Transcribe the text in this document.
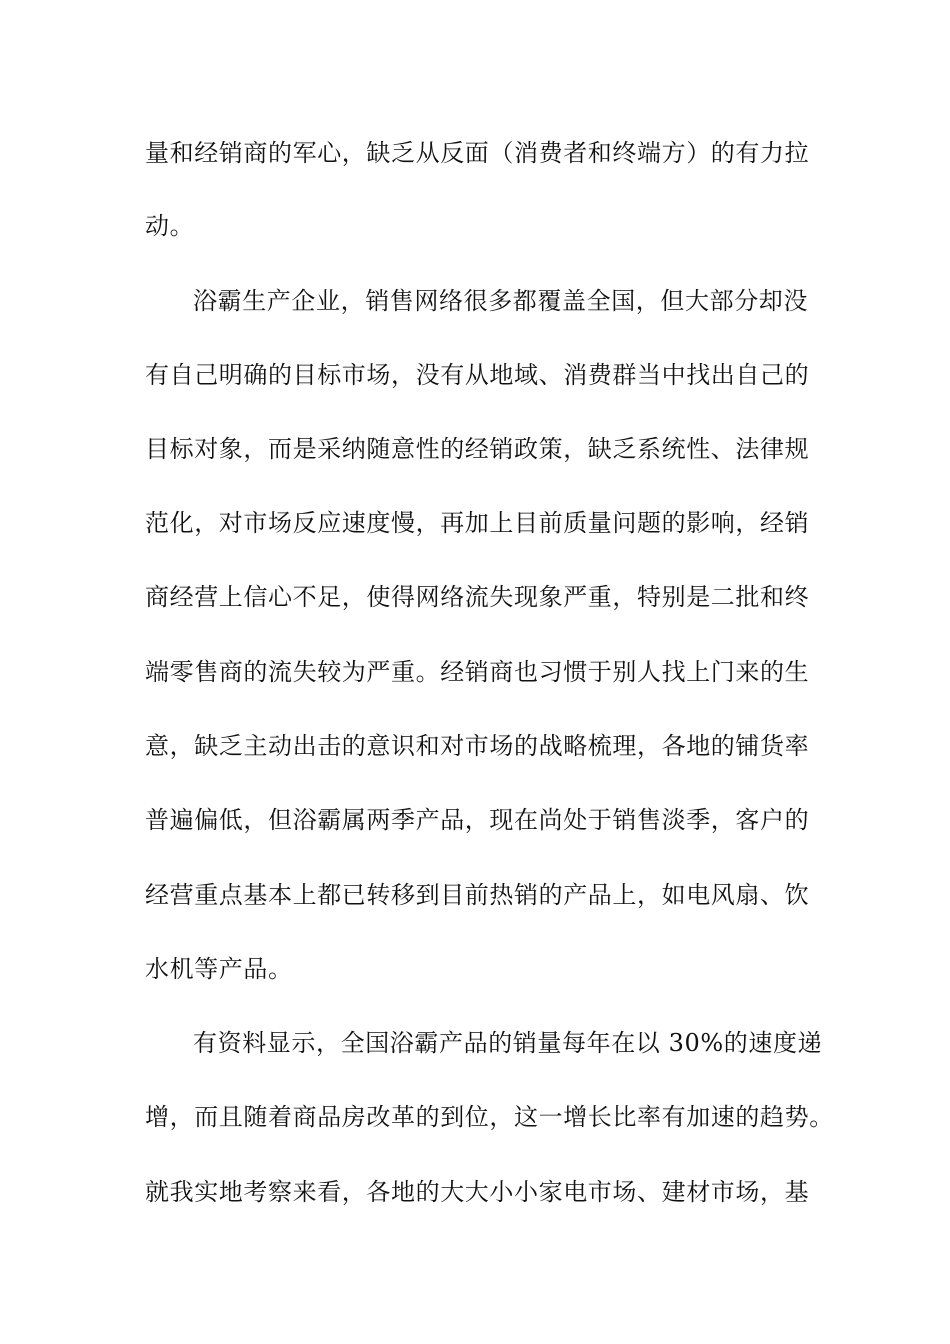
量和经销商的军心，缺乏从反面（消费者和终端方）的有力拉
动。
浴霸生产企业，销售网络很多都覆盖全国，但大部分却没
有自己明确的目标市场，没有从地域、消费群当中找出自己的
目标对象，而是采纳随意性的经销政策，缺乏系统性、法律规
范化，对市场反应速度慢，再加上目前质量问题的影响，经销
商经营上信心不足，使得网络流失现象严重，特别是二批和终
端零售商的流失较为严重。经销商也习惯于别人找上门来的生
意，缺乏主动出击的意识和对市场的战略梳理，各地的铺货率
普遍偏低，但浴霸属两季产品，现在尚处于销售淡季，客户的
经营重点基本上都已转移到目前热销的产品上，如电风扇、饮
水机等产品。
有资料显示，全国浴霸产品的销量每年在以 30%的速度递
增，而且随着商品房改革的到位，这一增长比率有加速的趋势。
就我实地考察来看，各地的大大小小家电市场、建材市场，基
